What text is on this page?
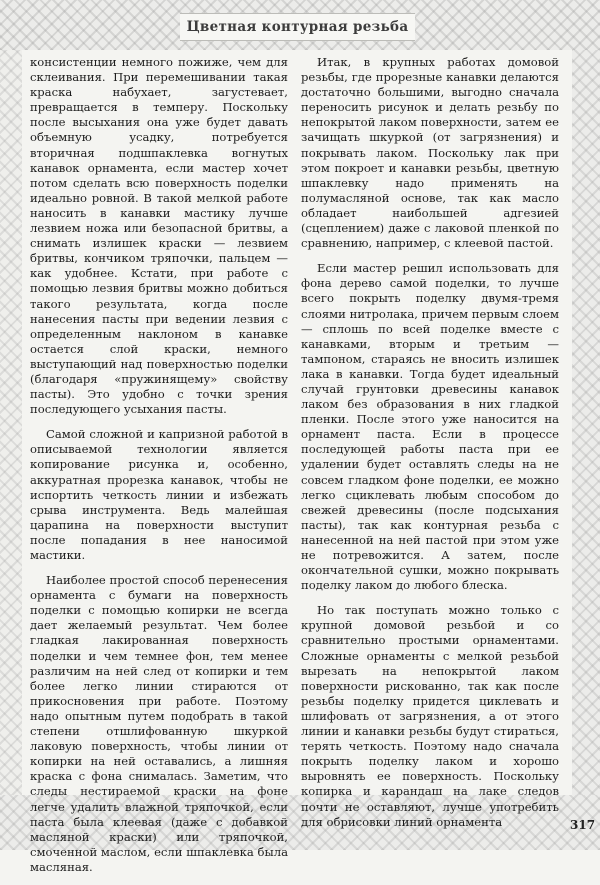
Цветная контурная резьба

консистенции немного пожиже, чем для склеивания. При перемешивании такая краска набухает, загустевает, превращается в темперу. Поскольку после высыхания она уже будет давать объемную усадку, потребуется вторичная подшпаклевка вогнутых канавок орнамента, если мастер хочет потом сделать всю поверхность поделки идеально ровной. В такой мелкой работе наносить в канавки мастику лучше лезвием ножа или безопасной бритвы, а снимать излишек краски — лезвием бритвы, кончиком тряпочки, пальцем — как удобнее. Кстати, при работе с помощью лезвия бритвы можно добиться такого результата, когда после нанесения пасты при ведении лезвия с определенным наклоном в канавке остается слой краски, немного выступающий над поверхностью поделки (благодаря «пружинящему» свойству пасты). Это удобно с точки зрения последующего усыхания пасты.

Самой сложной и капризной работой в описываемой технологии является копирование рисунка и, особенно, аккуратная прорезка канавок, чтобы не испортить четкость линии и избежать срыва инструмента. Ведь малейшая царапина на поверхности выступит после попадания в нее наносимой мастики.

Наиболее простой способ перенесения орнамента с бумаги на поверхность поделки с помощью копирки не всегда дает желаемый результат. Чем более гладкая лакированная поверхность поделки и чем темнее фон, тем менее различим на ней след от копирки и тем более легко линии стираются от прикосновения при работе. Поэтому надо опытным путем подобрать в такой степени отшлифованную шкуркой лаковую поверхность, чтобы линии от копирки на ней оставались, а лишняя краска с фона снималась. Заметим, что следы нестираемой краски на фоне легче удалить влажной тряпочкой, если паста была клеевая (даже с добавкой масляной краски) или тряпочкой, смоченной маслом, если шпаклевка была масляная.

Итак, в крупных работах домовой резьбы, где прорезные канавки делаются достаточно большими, выгодно сначала переносить рисунок и делать резьбу по непокрытой лаком поверхности, затем ее зачищать шкуркой (от загрязнения) и покрывать лаком. Поскольку лак при этом покроет и канавки резьбы, цветную шпаклевку надо применять на полумасляной основе, так как масло обладает наибольшей адгезией (сцеплением) даже с лаковой пленкой по сравнению, например, с клеевой пастой.

Если мастер решил использовать для фона дерево самой поделки, то лучше всего покрыть поделку двумя-тремя слоями нитролака, причем первым слоем — сплошь по всей поделке вместе с канавками, вторым и третьим — тампоном, стараясь не вносить излишек лака в канавки. Тогда будет идеальный случай грунтовки древесины канавок лаком без образования в них гладкой пленки. После этого уже наносится на орнамент паста. Если в процессе последующей работы паста при ее удалении будет оставлять следы на не совсем гладком фоне поделки, ее можно легко сциклевать любым способом до свежей древесины (после подсыхания пасты), так как контурная резьба с нанесенной на ней пастой при этом уже не потревожится. А затем, после окончательной сушки, можно покрывать поделку лаком до любого блеска.

Но так поступать можно только с крупной домовой резьбой и со сравнительно простыми орнаментами. Сложные орнаменты с мелкой резьбой вырезать на непокрытой лаком поверхности рискованно, так как после резьбы поделку придется циклевать и шлифовать от загрязнения, а от этого линии и канавки резьбы будут стираться, терять четкость. Поэтому надо сначала покрыть поделку лаком и хорошо выровнять ее поверхность. Поскольку копирка и карандаш на лаке следов почти не оставляют, лучше употребить для обрисовки линий орнамента	317
